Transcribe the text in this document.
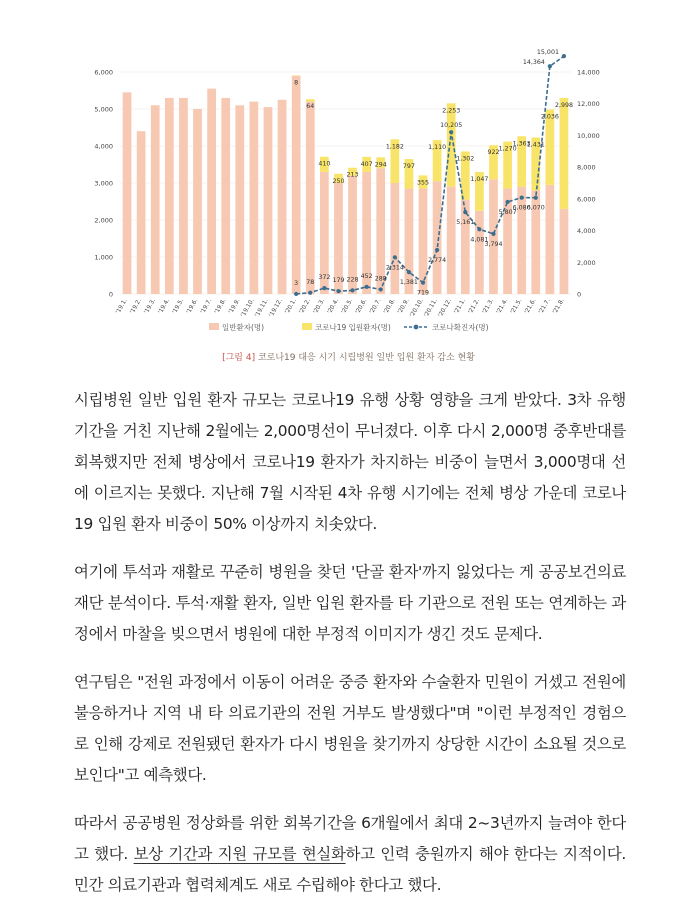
0
1,000
2,000
3,000
4,000
5,000
6,000
0
2,000
4,000
6,000
8,000
10,000
12,000
14,000
8
64
410
250
213
407 294
1,182
797
355
1,110
2,253
1,302
1,047
922
1,270
1,363
1,431
2,036
2,998
3 78
372 179 228
452 288
2,314
1,381
719
2,774
10,205
5,161
4,081
3,794
5,807
6,080
6,070
14,364
15,001
'19.1. '19.2. '19.3. '19.4. '19.5. '19.6. '19.7. '19.8. '19.9.
'19.10.
'19.11.
'19.12. '20.1. '20.2. '20.3. '20.4. '20.5. '20.6. '20.7. '20.8. '20.9.
'20.10.
'20.11.
'20.12. '21.1. '21.2. '21.3. '21.4. '21.5. '21.6. '21.7. '21.8.
일반환자(명)	코로나19 입원환자(명)	코로나확진자(명)
[그림 4] 코로나19 대응 시기 시립병원 일반 입원 환자 감소 현황

시립병원 일반 입원 환자 규모는 코로나19 유행 상황 영향을 크게 받았다. 3차 유행 기간을 거친 지난해 2월에는 2,000명선이 무너졌다. 이후 다시 2,000명 중후반대를 회복했지만 전체 병상에서 코로나19 환자가 차지하는 비중이 늘면서 3,000명대 선에 이르지는 못했다. 지난해 7월 시작된 4차 유행 시기에는 전체 병상 가운데 코로나19 입원 환자 비중이 50% 이상까지 치솟았다.

여기에 투석과 재활로 꾸준히 병원을 찾던 '단골 환자'까지 잃었다는 게 공공보건의료재단 분석이다. 투석·재활 환자, 일반 입원 환자를 타 기관으로 전원 또는 연계하는 과정에서 마찰을 빚으면서 병원에 대한 부정적 이미지가 생긴 것도 문제다.

연구팀은 "전원 과정에서 이동이 어려운 중증 환자와 수술환자 민원이 거셌고 전원에 불응하거나 지역 내 타 의료기관의 전원 거부도 발생했다"며 "이런 부정적인 경험으로 인해 강제로 전원됐던 환자가 다시 병원을 찾기까지 상당한 시간이 소요될 것으로 보인다"고 예측했다.

따라서 공공병원 정상화를 위한 회복기간을 6개월에서 최대 2~3년까지 늘려야 한다고 했다. 보상 기간과 지원 규모를 현실화하고 인력 충원까지 해야 한다는 지적이다. 민간 의료기관과 협력체계도 새로 수립해야 한다고 했다.
